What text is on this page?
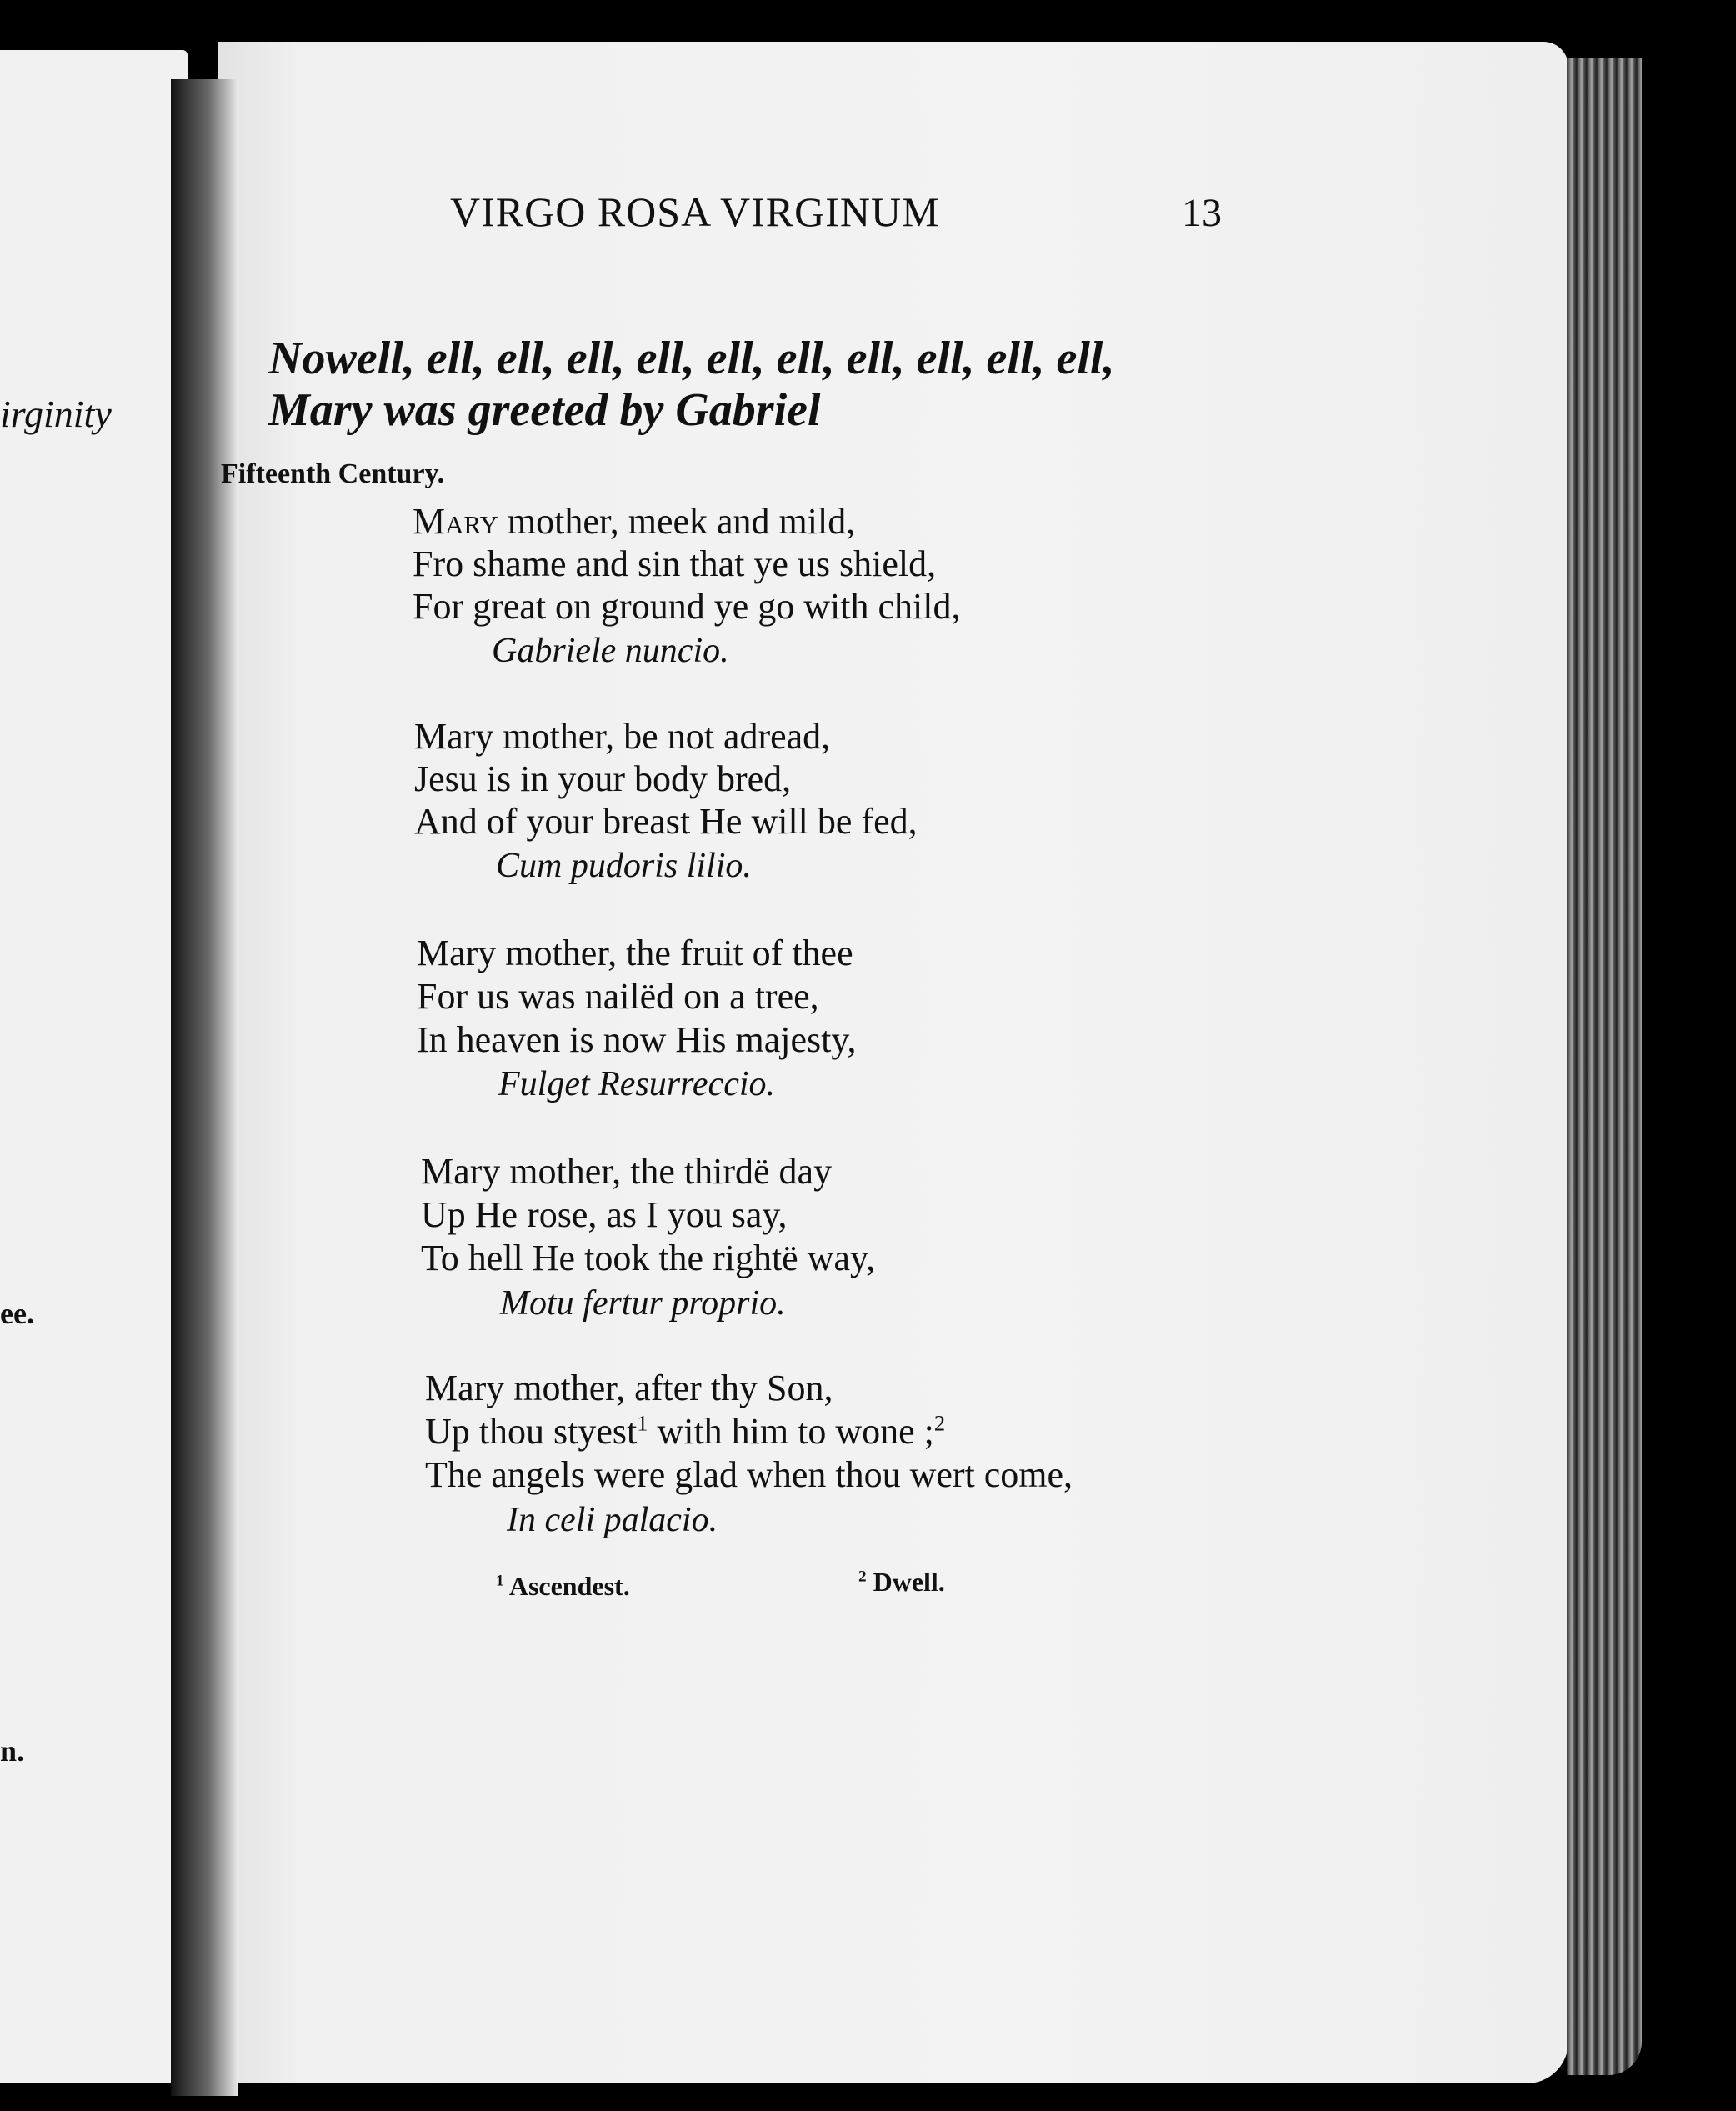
irginity
ee.
n.
VIRGO ROSA VIRGINUM	13
Nowell, ell, ell, ell, ell, ell, ell, ell, ell, ell, ell,
Mary was greeted by Gabriel
Fifteenth Century.
Mary mother, meek and mild,
Fro shame and sin that ye us shield,
For great on ground ye go with child,
Gabriele nuncio.
Mary mother, be not adread,
Jesu is in your body bred,
And of your breast He will be fed,
Cum pudoris lilio.
Mary mother, the fruit of thee
For us was nailëd on a tree,
In heaven is now His majesty,
Fulget Resurreccio.
Mary mother, the thirdë day
Up He rose, as I you say,
To hell He took the rightë way,
Motu fertur proprio.
Mary mother, after thy Son,
Up thou styest$^1$ with him to wone ;$^2$
The angels were glad when thou wert come,
In celi palacio.
$^1$ Ascendest.	$^2$ Dwell.
